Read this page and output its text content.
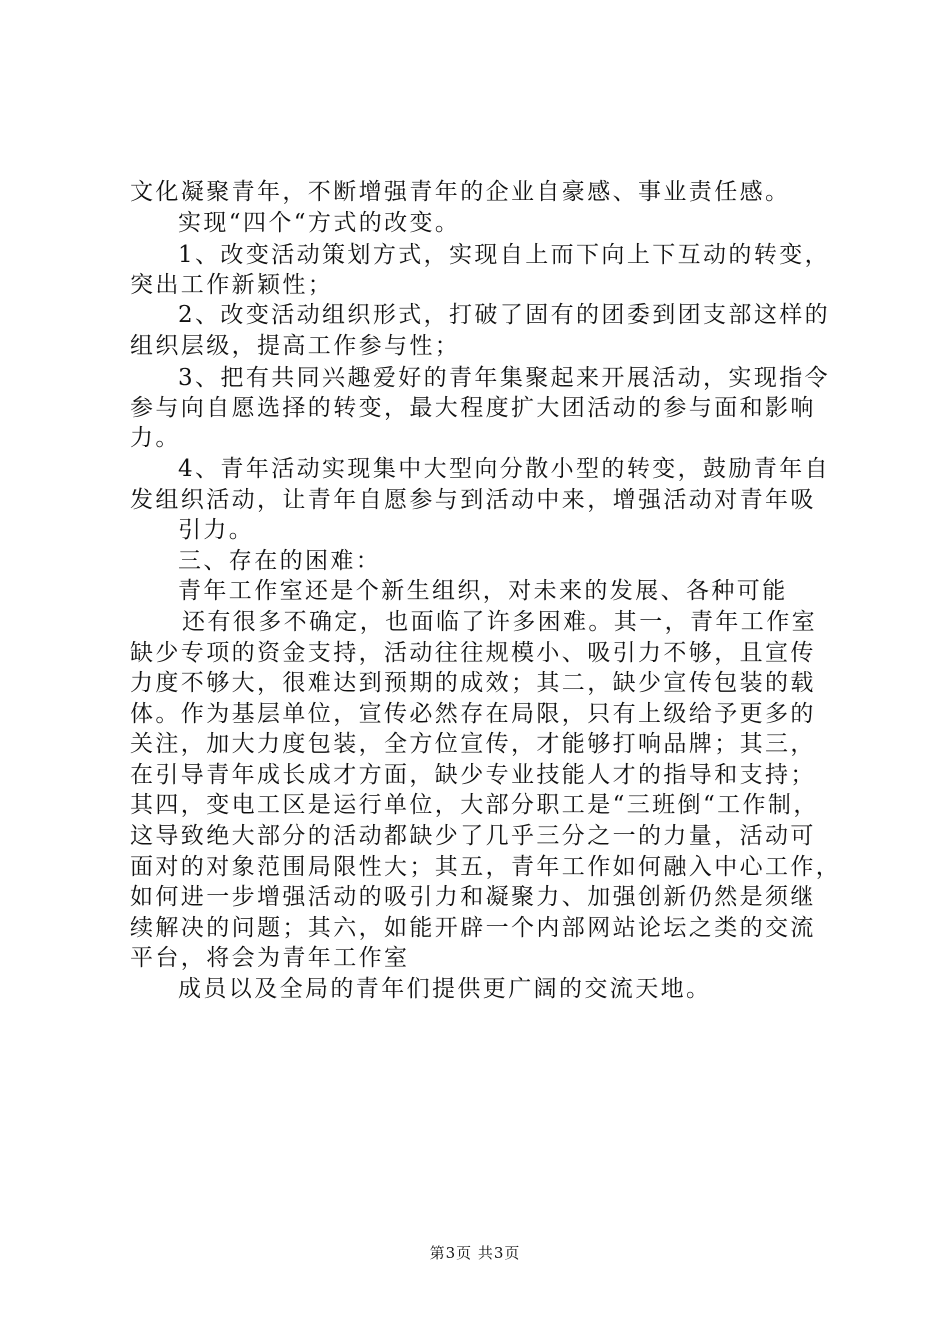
文化凝聚青年，不断增强青年的企业自豪感、事业责任感。
实现“四个“方式的改变。
1、改变活动策划方式，实现自上而下向上下互动的转变，
突出工作新颖性；
2、改变活动组织形式，打破了固有的团委到团支部这样的
组织层级，提高工作参与性；
3、把有共同兴趣爱好的青年集聚起来开展活动，实现指令
参与向自愿选择的转变，最大程度扩大团活动的参与面和影响
力。
4、青年活动实现集中大型向分散小型的转变，鼓励青年自
发组织活动，让青年自愿参与到活动中来，增强活动对青年吸
引力。
三、存在的困难：
青年工作室还是个新生组织，对未来的发展、各种可能
还有很多不确定，也面临了许多困难。其一，青年工作室
缺少专项的资金支持，活动往往规模小、吸引力不够，且宣传
力度不够大，很难达到预期的成效；其二，缺少宣传包装的载
体。作为基层单位，宣传必然存在局限，只有上级给予更多的
关注，加大力度包装，全方位宣传，才能够打响品牌；其三，
在引导青年成长成才方面，缺少专业技能人才的指导和支持；
其四，变电工区是运行单位，大部分职工是“三班倒“工作制，
这导致绝大部分的活动都缺少了几乎三分之一的力量，活动可
面对的对象范围局限性大；其五，青年工作如何融入中心工作，
如何进一步增强活动的吸引力和凝聚力、加强创新仍然是须继
续解决的问题；其六，如能开辟一个内部网站论坛之类的交流
平台，将会为青年工作室
成员以及全局的青年们提供更广阔的交流天地。
第3页 共3页
